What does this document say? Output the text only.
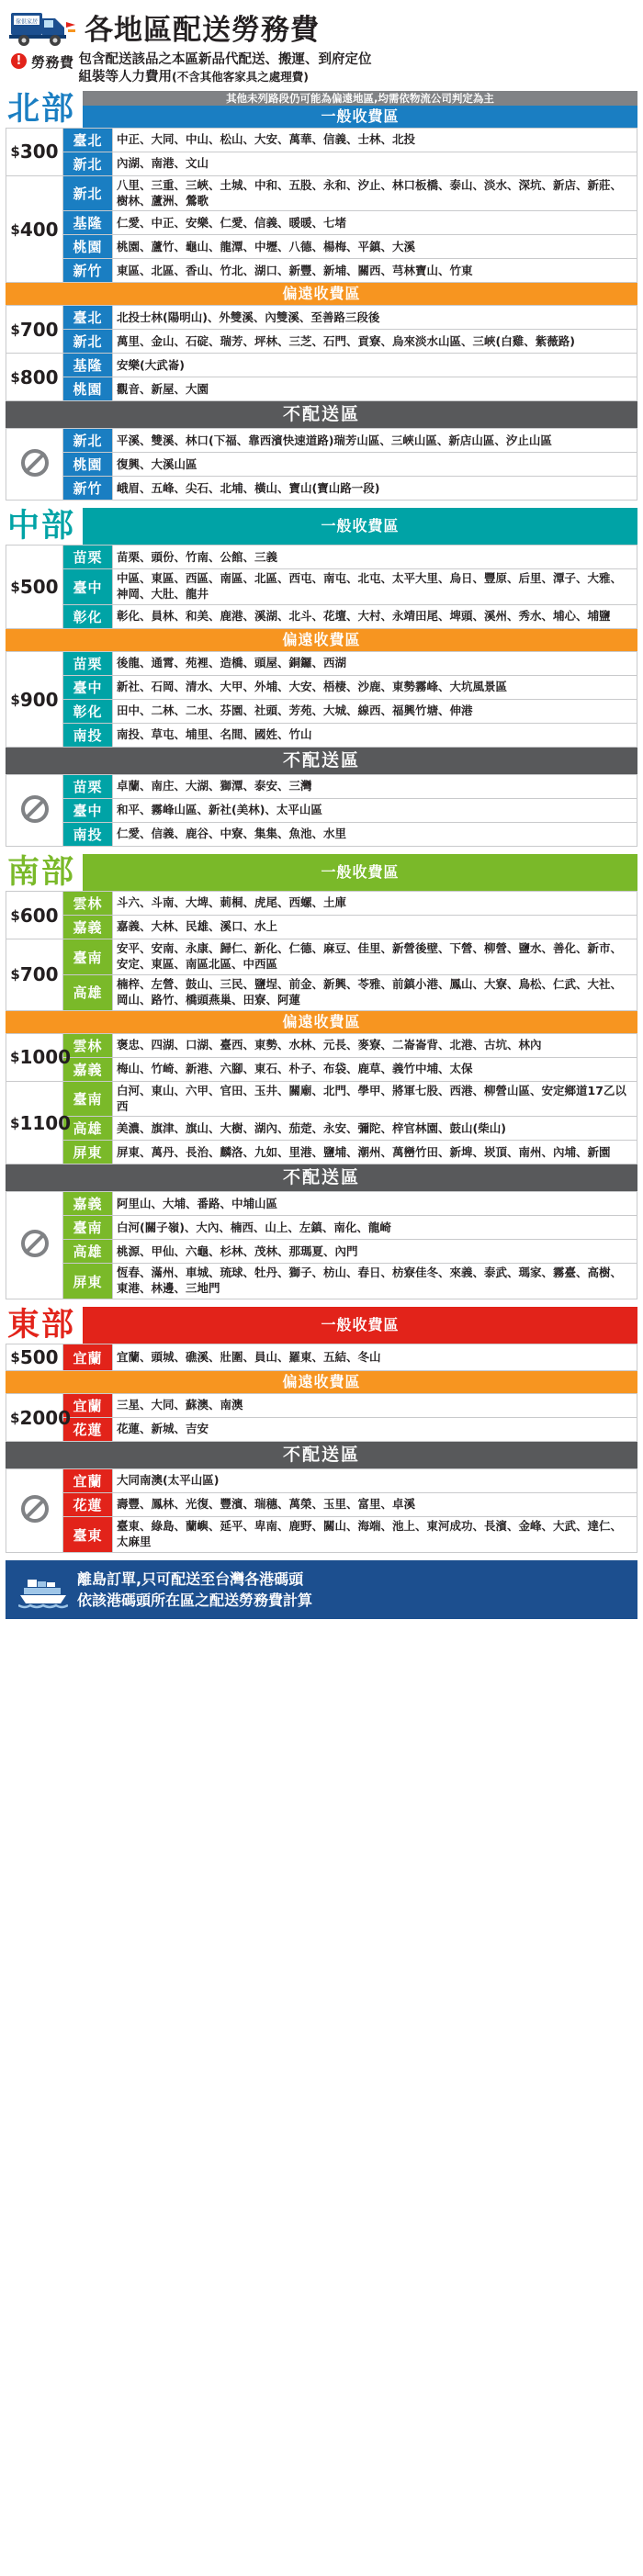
傢俱家居 各地區配送勞務費
! 勞務費 包含配送該品之本區新品代配送、搬運、到府定位
組裝等人力費用(不含其他客家具之處理費)
北部	其他未列路段仍可能為偏遠地區,均需依物流公司判定為主
一般收費區
$300	臺北	中正、大同、中山、松山、大安、萬華、信義、士林、北投
	新北	內湖、南港、文山
$400	新北	八里、三重、三峽、土城、中和、五股、永和、汐止、林口板橋、泰山、淡水、深坑、新店、新莊、樹林、蘆洲、鶯歌
	基隆	仁愛、中正、安樂、仁愛、信義、暖暖、七堵
	桃園	桃園、蘆竹、龜山、龍潭、中壢、八德、楊梅、平鎮、大溪
	新竹	東區、北區、香山、竹北、湖口、新豐、新埔、關西、芎林寶山、竹東
偏遠收費區
$700	臺北	北投士林(陽明山)、外雙溪、內雙溪、至善路三段後
	新北	萬里、金山、石碇、瑞芳、坪林、三芝、石門、貢寮、烏來淡水山區、三峽(白雞、紫薇路)
$800	基隆	安樂(大武崙)
	桃園	觀音、新屋、大園
不配送區
	新北	平溪、雙溪、林口(下福、靠西濱快速道路)瑞芳山區、三峽山區、新店山區、汐止山區
	桃園	復興、大溪山區
	新竹	峨眉、五峰、尖石、北埔、橫山、寶山(寶山路一段)
中部	一般收費區
$500	苗栗	苗栗、頭份、竹南、公館、三義
	臺中	中區、東區、西區、南區、北區、西屯、南屯、北屯、太平大里、烏日、豐原、后里、潭子、大雅、神岡、大肚、龍井
	彰化	彰化、員林、和美、鹿港、溪湖、北斗、花壇、大村、永靖田尾、埤頭、溪州、秀水、埔心、埔鹽
偏遠收費區
$900	苗栗	後龍、通霄、苑裡、造橋、頭屋、銅鑼、西湖
	臺中	新社、石岡、清水、大甲、外埔、大安、梧棲、沙鹿、東勢霧峰、大坑風景區
	彰化	田中、二林、二水、芬園、社頭、芳苑、大城、線西、福興竹塘、伸港
	南投	南投、草屯、埔里、名間、國姓、竹山
不配送區
	苗栗	卓蘭、南庄、大湖、獅潭、泰安、三灣
	臺中	和平、霧峰山區、新社(美林)、太平山區
	南投	仁愛、信義、鹿谷、中寮、集集、魚池、水里
南部	一般收費區
$600	雲林	斗六、斗南、大埤、莿桐、虎尾、西螺、土庫
	嘉義	嘉義、大林、民雄、溪口、水上
$700	臺南	安平、安南、永康、歸仁、新化、仁德、麻豆、佳里、新營後壁、下營、柳營、鹽水、善化、新市、安定、東區、南區北區、中西區
	高雄	楠梓、左營、鼓山、三民、鹽埕、前金、新興、苓雅、前鎮小港、鳳山、大寮、鳥松、仁武、大社、岡山、路竹、橋頭燕巢、田寮、阿蓮
偏遠收費區
$1000	雲林	褒忠、四湖、口湖、臺西、東勢、水林、元長、麥寮、二崙崙背、北港、古坑、林內
	嘉義	梅山、竹崎、新港、六腳、東石、朴子、布袋、鹿草、義竹中埔、太保
$1100	臺南	白河、東山、六甲、官田、玉井、關廟、北門、學甲、將軍七股、西港、柳營山區、安定鄉道17乙以西
	高雄	美濃、旗津、旗山、大樹、湖內、茄萣、永安、彌陀、梓官林園、鼓山(柴山)
	屏東	屏東、萬丹、長治、麟洛、九如、里港、鹽埔、潮州、萬巒竹田、新埤、崁頂、南州、內埔、新園
不配送區
	嘉義	阿里山、大埔、番路、中埔山區
	臺南	白河(關子嶺)、大內、楠西、山上、左鎮、南化、龍崎
	高雄	桃源、甲仙、六龜、杉林、茂林、那瑪夏、內門
	屏東	恆春、滿州、車城、琉球、牡丹、獅子、枋山、春日、枋寮佳冬、來義、泰武、瑪家、霧臺、高樹、東港、林邊、三地門
東部	一般收費區
$500	宜蘭	宜蘭、頭城、礁溪、壯圍、員山、羅東、五結、冬山
偏遠收費區
$2000	宜蘭	三星、大同、蘇澳、南澳
	花蓮	花蓮、新城、吉安
不配送區
	宜蘭	大同南澳(太平山區)
	花蓮	壽豐、鳳林、光復、豐濱、瑞穗、萬榮、玉里、富里、卓溪
	臺東	臺東、綠島、蘭嶼、延平、卑南、鹿野、關山、海端、池上、東河成功、長濱、金峰、大武、達仁、太麻里
離島訂單,只可配送至台灣各港碼頭
依該港碼頭所在區之配送勞務費計算
